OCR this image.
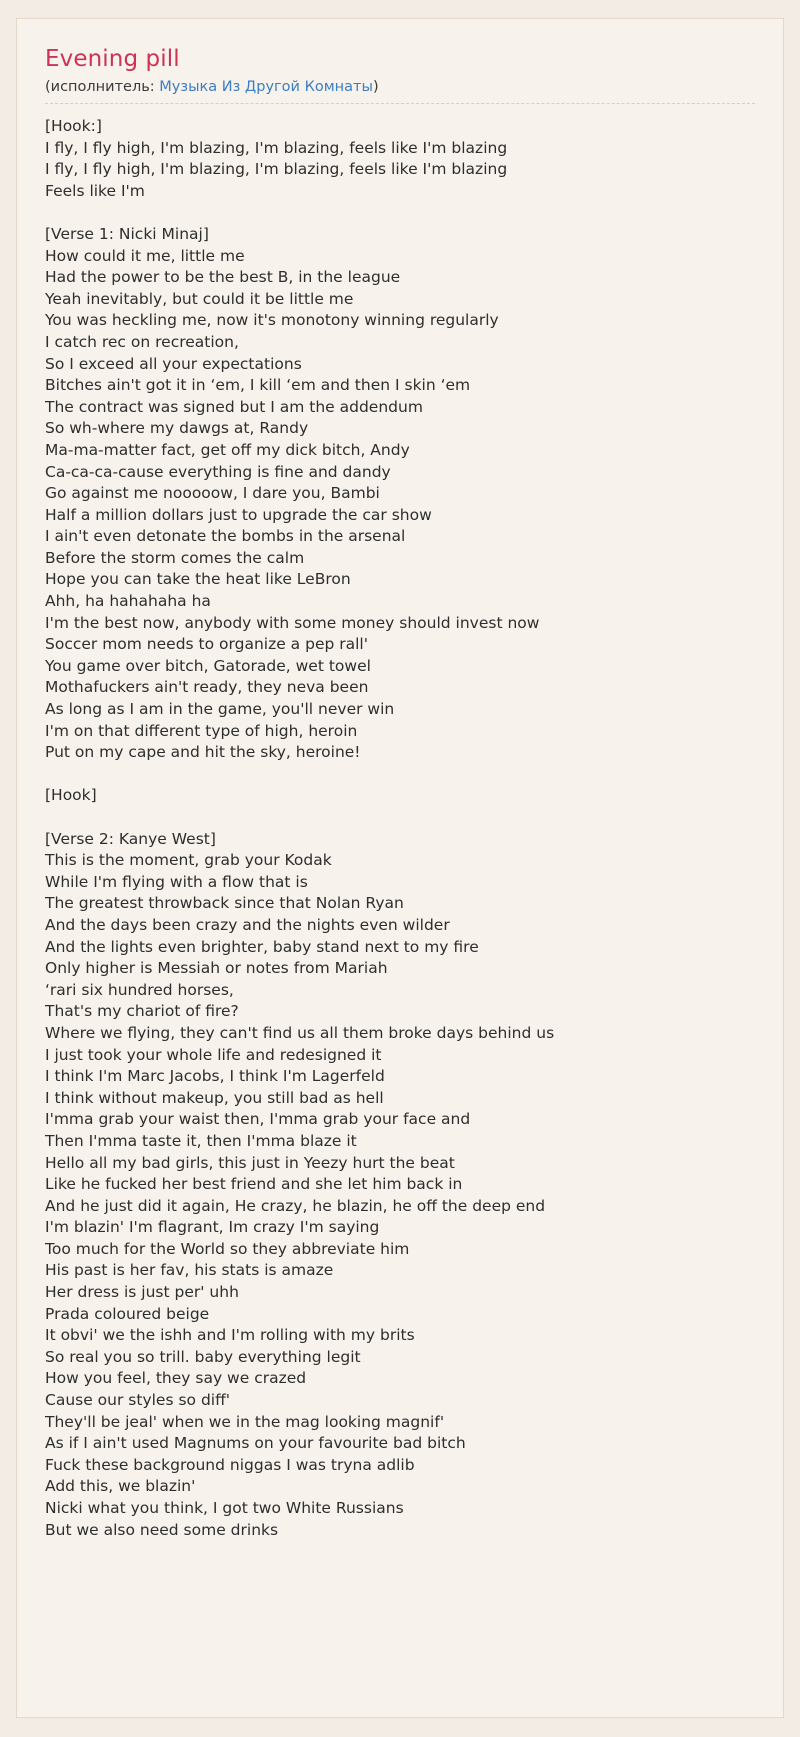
Evening pill
(исполнитель: Музыка Из Другой Комнаты)
[Hook:]
I fly, I fly high, I'm blazing, I'm blazing, feels like I'm blazing
I fly, I fly high, I'm blazing, I'm blazing, feels like I'm blazing
Feels like I'm
[Verse 1: Nicki Minaj]
How could it me, little me
Had the power to be the best B, in the league
Yeah inevitably, but could it be little me
You was heckling me, now it's monotony winning regularly
I catch rec on recreation,
So I exceed all your expectations
Bitches ain't got it in ‘em, I kill ‘em and then I skin ‘em
The contract was signed but I am the addendum
So wh-where my dawgs at, Randy
Ma-ma-matter fact, get off my dick bitch, Andy
Ca-ca-ca-cause everything is fine and dandy
Go against me nooooow, I dare you, Bambi
Half a million dollars just to upgrade the car show
I ain't even detonate the bombs in the arsenal
Before the storm comes the calm
Hope you can take the heat like LeBron
Ahh, ha hahahaha ha
I'm the best now, anybody with some money should invest now
Soccer mom needs to organize a pep rall'
You game over bitch, Gatorade, wet towel
Mothafuckers ain't ready, they neva been
As long as I am in the game, you'll never win
I'm on that different type of high, heroin
Put on my cape and hit the sky, heroine!
[Hook]
[Verse 2: Kanye West]
This is the moment, grab your Kodak
While I'm flying with a flow that is
The greatest throwback since that Nolan Ryan
And the days been crazy and the nights even wilder
And the lights even brighter, baby stand next to my fire
Only higher is Messiah or notes from Mariah
‘rari six hundred horses,
That's my chariot of fire?
Where we flying, they can't find us all them broke days behind us
I just took your whole life and redesigned it
I think I'm Marc Jacobs, I think I'm Lagerfeld
I think without makeup, you still bad as hell
I'mma grab your waist then, I'mma grab your face and
Then I'mma taste it, then I'mma blaze it
Hello all my bad girls, this just in Yeezy hurt the beat
Like he fucked her best friend and she let him back in
And he just did it again, He crazy, he blazin, he off the deep end
I'm blazin' I'm flagrant, Im crazy I'm saying
Too much for the World so they abbreviate him
His past is her fav, his stats is amaze
Her dress is just per' uhh
Prada coloured beige
It obvi' we the ishh and I'm rolling with my brits
So real you so trill. baby everything legit
How you feel, they say we crazed
Cause our styles so diff'
They'll be jeal' when we in the mag looking magnif'
As if I ain't used Magnums on your favourite bad bitch
Fuck these background niggas I was tryna adlib
Add this, we blazin'
Nicki what you think, I got two White Russians
But we also need some drinks
